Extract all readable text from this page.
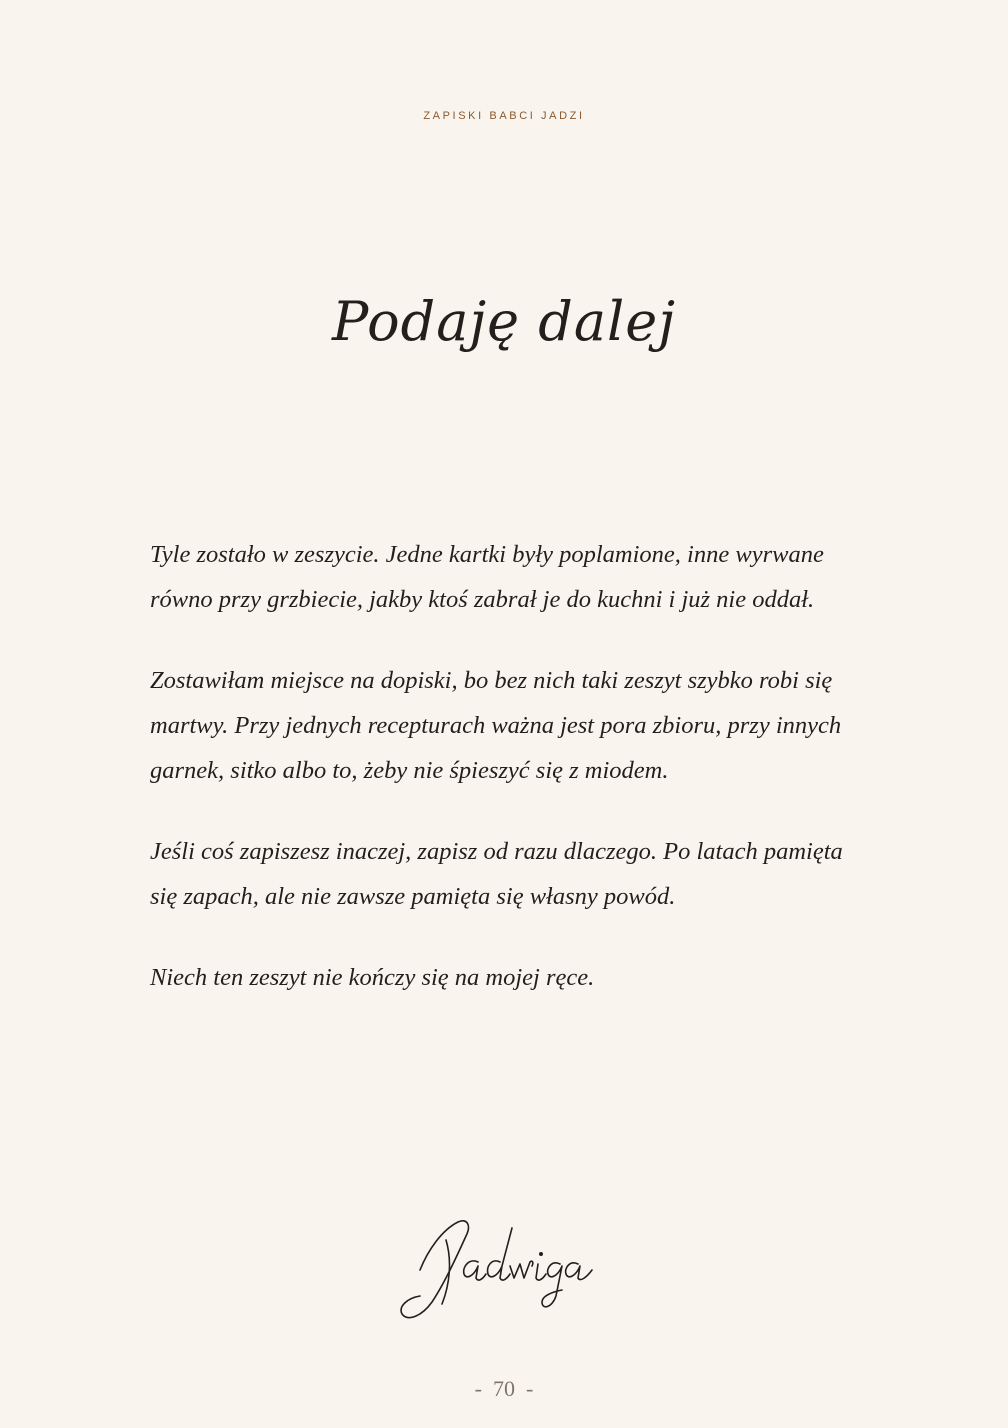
ZAPISKI BABCI JADZI
Podaję dalej

Tyle zostało w zeszycie. Jedne kartki były poplamione, inne wyrwane równo przy grzbiecie, jakby ktoś zabrał je do kuchni i już nie oddał.

Zostawiłam miejsce na dopiski, bo bez nich taki zeszyt szybko robi się martwy. Przy jednych recepturach ważna jest pora zbioru, przy innych garnek, sitko albo to, żeby nie śpieszyć się z miodem.

Jeśli coś zapiszesz inaczej, zapisz od razu dlaczego. Po latach pamięta się zapach, ale nie zawsze pamięta się własny powód.

Niech ten zeszyt nie kończy się na mojej ręce.

-  70  -
